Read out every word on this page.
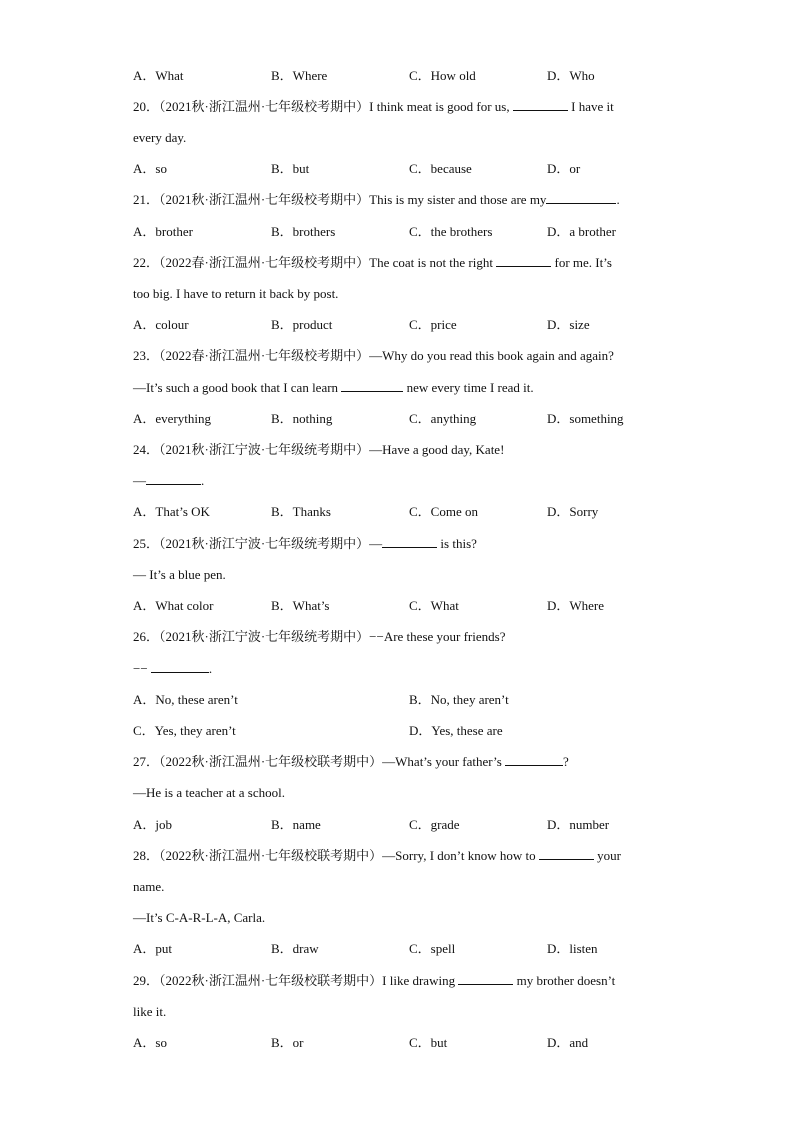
A．What	B．Where	C．How old	D．Who
20．（2021秋·浙江温州·七年级校考期中）I think meat is good for us,	I have it
every day.
A．so	B．but	C．because	D．or
21．（2021秋·浙江温州·七年级校考期中）This is my sister and those are my	.
A．brother	B．brothers	C．the brothers	D．a brother
22．（2022春·浙江温州·七年级校考期中）The coat is not the right	for me. It’s
too big. I have to return it back by post.
A．colour	B．product	C．price	D．size
23．（2022春·浙江温州·七年级校考期中）—Why do you read this book again and again?
—It’s such a good book that I can learn	new every time I read it.
A．everything	B．nothing	C．anything	D．something
24．（2021秋·浙江宁波·七年级统考期中）—Have a good day, Kate!
—	.
A．That’s OK	B．Thanks	C．Come on	D．Sorry
25．（2021秋·浙江宁波·七年级统考期中）—	is this?
— It’s a blue pen.
A．What color	B．What’s	C．What	D．Where
26．（2021秋·浙江宁波·七年级统考期中）−−Are these your friends?
−−	.
A．No, these aren’t	B．No, they aren’t
C．Yes, they aren’t	D．Yes, these are
27．（2022秋·浙江温州·七年级校联考期中）—What’s your father’s	?
—He is a teacher at a school.
A．job	B．name	C．grade	D．number
28．（2022秋·浙江温州·七年级校联考期中）—Sorry, I don’t know how to	your
name.
—It’s C-A-R-L-A, Carla.
A．put	B．draw	C．spell	D．listen
29．（2022秋·浙江温州·七年级校联考期中）I like drawing	my brother doesn’t
like it.
A．so	B．or	C．but	D．and
